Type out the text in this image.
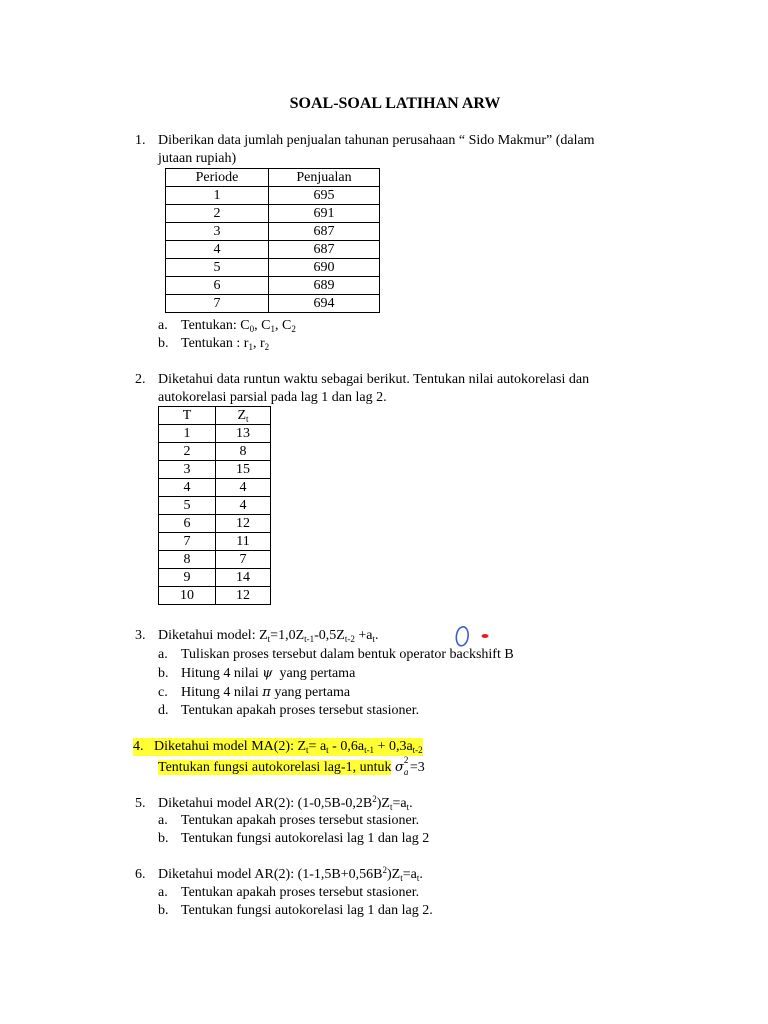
SOAL-SOAL LATIHAN ARW
1. Diberikan data jumlah penjualan tahunan perusahaan “ Sido Makmur” (dalam
jutaan rupiah)
Periode	Penjualan
1	695
2	691
3	687
4	687
5	690
6	689
7	694
a. Tentukan: $C_0$, $C_1$, $C_2$
b. Tentukan : $r_1$, $r_2$
2. Diketahui data runtun waktu sebagai berikut. Tentukan nilai autokorelasi dan
autokorelasi parsial pada lag 1 dan lag 2.
T	$Z_t$
1	13
2	8
3	15
4	4
5	4
6	12
7	11
8	7
9	14
10	12
3. Diketahui model: $Z_t=1,0Z_{t-1}-0,5Z_{t-2} +a_t$.
a. Tuliskan proses tersebut dalam bentuk operator backshift B
b. Hitung 4 nilai ψ yang pertama
c. Hitung 4 nilai π yang pertama
d. Tentukan apakah proses tersebut stasioner.
4. Diketahui model MA(2): $Z_t= a_t - 0,6a_{t-1} + 0,3a_{t-2}$
Tentukan fungsi autokorelasi lag-1, untuk σ 2
a =3
5. Diketahui model AR(2): $(1-0,5B-0,2B^2)Z_t=a_t$.
a. Tentukan apakah proses tersebut stasioner.
b. Tentukan fungsi autokorelasi lag 1 dan lag 2
6. Diketahui model AR(2): $(1-1,5B+0,56B^2)Z_t=a_t$.
a. Tentukan apakah proses tersebut stasioner.
b. Tentukan fungsi autokorelasi lag 1 dan lag 2.
